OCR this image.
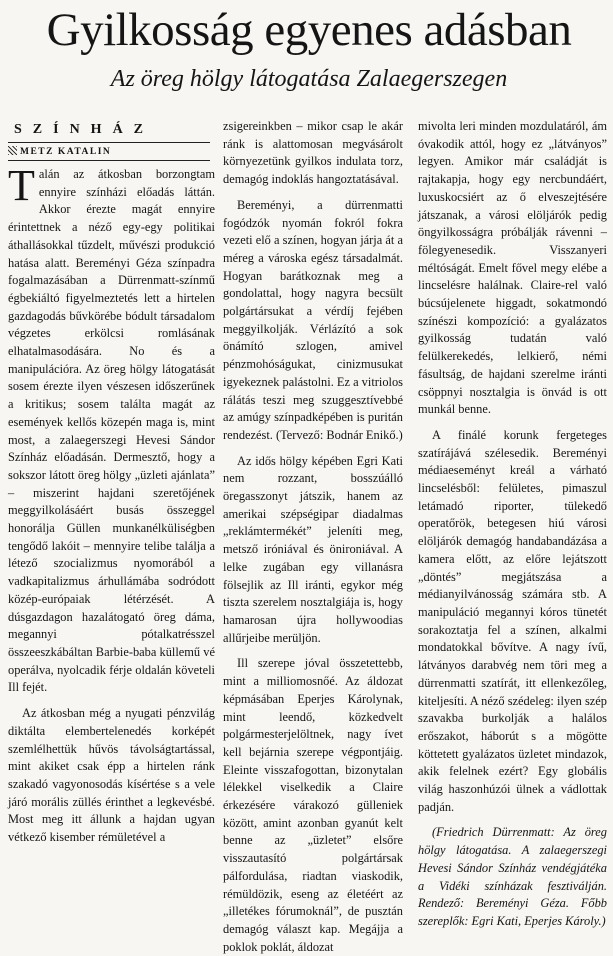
Gyilkosság egyenes adásban
Az öreg hölgy látogatása Zalaegerszegen
SZÍNHÁZ
METZ KATALIN

Talán az átkosban borzongtam ennyire színházi előadás láttán. Akkor érezte magát ennyire érintettnek a néző egy-egy politikai áthallásokkal tűzdelt, művészi produkció hatása alatt. Bereményi Géza színpadra fogalmazásában a Dürrenmatt-színmű égbekiáltó figyelmeztetés lett a hirtelen gazdagodás bűvkörébe bódult társadalom végzetes erkölcsi romlásának elhatalmasodására. No és a manipulációra. Az öreg hölgy látogatását sosem érezte ilyen vészesen időszerűnek a kritikus; sosem találta magát az események kellős közepén maga is, mint most, a zalaegerszegi Hevesi Sándor Színház előadásán. Dermesztő, hogy a sokszor látott öreg hölgy „üzleti ajánlata” – miszerint hajdani szeretőjének meggyilkolásáért busás összeggel honorálja Güllen munkanélküliségben tengődő lakóit – mennyire telibe találja a létező szocializmus nyomorából a vadkapitalizmus árhullámába sodródott közép-európaiak létérzését. A dúsgazdagon hazalátogató öreg dáma, megannyi pótalkatrésszel összeeszkábáltan Barbie-baba küllemű vé operálva, nyolcadik férje oldalán követeli Ill fejét.

Az átkosban még a nyugati pénzvilág diktálta elembertelenedés korképét szemlélhettük hűvös távolságtartással, mint akiket csak épp a hirtelen ránk szakadó vagyonosodás kísértése s a vele járó morális züllés érinthet a legkevésbé. Most meg itt állunk a hajdan ugyan vétkező kisember rémületével a

zsigereinkben – mikor csap le akár ránk is alattomosan megvásárolt környezetünk gyilkos indulata torz, demagóg indoklás hangoztatásával.

Bereményi, a dürrenmatti fogódzók nyomán fokról fokra vezeti elő a színen, hogyan járja át a méreg a városka egész társadalmát. Hogyan barátkoznak meg a gondolattal, hogy nagyra becsült polgártársukat a vérdíj fejében meggyilkolják. Vérlázító a sok önámító szlogen, amivel pénzmohóságukat, cinizmusukat igyekeznek palástolni. Ez a vitriolos rálátás teszi meg szuggesztívebbé az amúgy színpadképében is puritán rendezést. (Tervező: Bodnár Enikő.)

Az idős hölgy képében Egri Kati nem rozzant, bosszúálló öregasszonyt játszik, hanem az amerikai szépségipar diadalmas „reklámtermékét” jeleníti meg, metsző iróniával és önironiával. A lelke zugában egy villanásra fölsejlik az Ill iránti, egykor még tiszta szerelem nosztalgiája is, hogy hamarosan újra hollywoodias allűrjeibe merüljön.

Ill szerepe jóval összetettebb, mint a milliomosnőé. Az áldozat képmásában Eperjes Károlynak, mint leendő, közkedvelt polgármesterjelöltnek, nagy ívet kell bejárnia szerepe végpontjáig. Eleinte visszafogottan, bizonytalan lélekkel viselkedik a Claire érkezésére várakozó gülleniek között, amint azonban gyanút kelt benne az „üzletet” elsőre visszautasító polgártársak pálfordulása, riadtan viaskodik, rémüldözik, eseng az életéért az „illetékes fórumoknál”, de pusztán demagóg választ kap. Megájja a poklok poklát, áldozat

mivolta leri minden mozdulatáról, ám óvakodik attól, hogy ez „látványos” legyen. Amikor már családját is rajtakapja, hogy egy nercbundáért, luxuskocsiért az ő elveszejtésére játszanak, a városi elöljárók pedig öngyilkosságra próbálják rávenni – fölegyenesedik. Visszanyeri méltóságát. Emelt fővel megy elébe a lincselésre halálnak. Claire-rel való búcsújelenete higgadt, sokatmondó színészi kompozíció: a gyalázatos gyilkosság tudatán való felülkerekedés, lelkierő, némi fásultság, de hajdani szerelme iránti csöppnyi nosztalgia is önvád is ott munkál benne.

A finálé korunk fergeteges szatírájává szélesedik. Bereményi médiaeseményt kreál a várható lincselésből: felületes, pimaszul letámadó riporter, tülekedő operatőrök, betegesen hiú városi elöljárók demagóg handabandázása a kamera előtt, az előre lejátszott „döntés” megjátszása a médianyilvánosság számára stb. A manipuláció megannyi kóros tünetét sorakoztatja fel a színen, alkalmi mondatokkal bővítve. A nagy ívű, látványos darabvég nem töri meg a dürrenmatti szatírát, itt ellenkezőleg, kiteljesíti. A néző szédeleg: ilyen szép szavakba burkolják a halálos erőszakot, háborút s a mögötte köttetett gyalázatos üzletet mindazok, akik felelnek ezért? Egy globális világ haszonhúzói ülnek a vádlottak padján.

(Friedrich Dürrenmatt: Az öreg hölgy látogatása. A zalaegerszegi Hevesi Sándor Színház vendégjátéka a Vidéki színházak fesztiválján. Rendező: Bereményi Géza. Főbb szereplők: Egri Kati, Eperjes Károly.)
